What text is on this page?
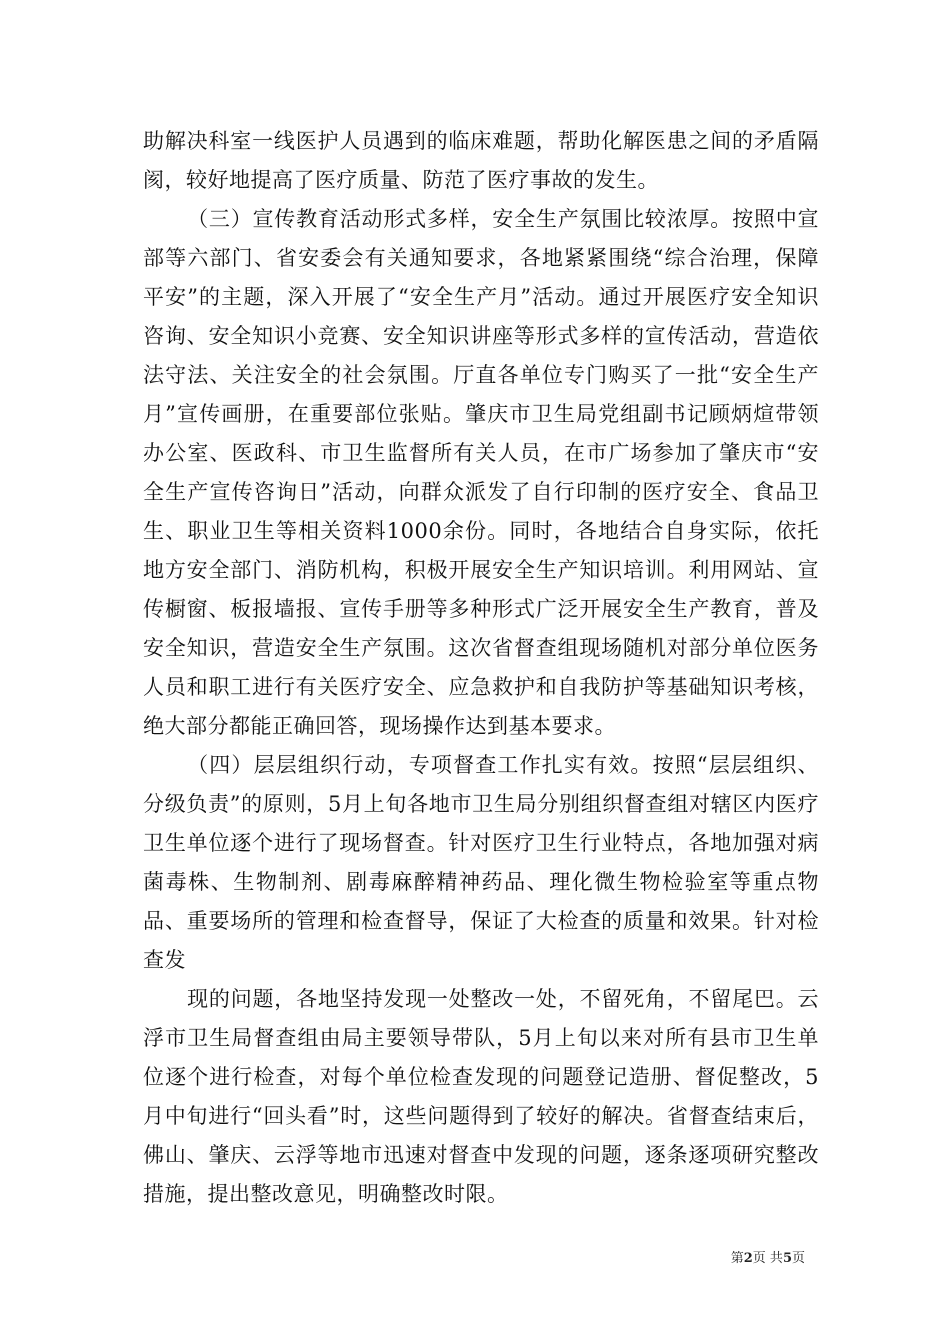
助解决科室一线医护人员遇到的临床难题，帮助化解医患之间的矛盾隔阂，较好地提高了医疗质量、防范了医疗事故的发生。

（三）宣传教育活动形式多样，安全生产氛围比较浓厚。按照中宣部等六部门、省安委会有关通知要求，各地紧紧围绕“综合治理，保障平安”的主题，深入开展了“安全生产月”活动。通过开展医疗安全知识咨询、安全知识小竞赛、安全知识讲座等形式多样的宣传活动，营造依法守法、关注安全的社会氛围。厅直各单位专门购买了一批“安全生产月”宣传画册，在重要部位张贴。肇庆市卫生局党组副书记顾炳煊带领办公室、医政科、市卫生监督所有关人员，在市广场参加了肇庆市“安全生产宣传咨询日”活动，向群众派发了自行印制的医疗安全、食品卫生、职业卫生等相关资料1000余份。同时，各地结合自身实际，依托地方安全部门、消防机构，积极开展安全生产知识培训。利用网站、宣传橱窗、板报墙报、宣传手册等多种形式广泛开展安全生产教育，普及安全知识，营造安全生产氛围。这次省督查组现场随机对部分单位医务人员和职工进行有关医疗安全、应急救护和自我防护等基础知识考核，绝大部分都能正确回答，现场操作达到基本要求。

（四）层层组织行动，专项督查工作扎实有效。按照“层层组织、分级负责”的原则，5月上旬各地市卫生局分别组织督查组对辖区内医疗卫生单位逐个进行了现场督查。针对医疗卫生行业特点，各地加强对病菌毒株、生物制剂、剧毒麻醉精神药品、理化微生物检验室等重点物品、重要场所的管理和检查督导，保证了大检查的质量和效果。针对检查发

现的问题，各地坚持发现一处整改一处，不留死角，不留尾巴。云浮市卫生局督查组由局主要领导带队，5月上旬以来对所有县市卫生单位逐个进行检查，对每个单位检查发现的问题登记造册、督促整改，5月中旬进行“回头看”时，这些问题得到了较好的解决。省督查结束后，佛山、肇庆、云浮等地市迅速对督查中发现的问题，逐条逐项研究整改措施，提出整改意见，明确整改时限。

第2页 共5页
